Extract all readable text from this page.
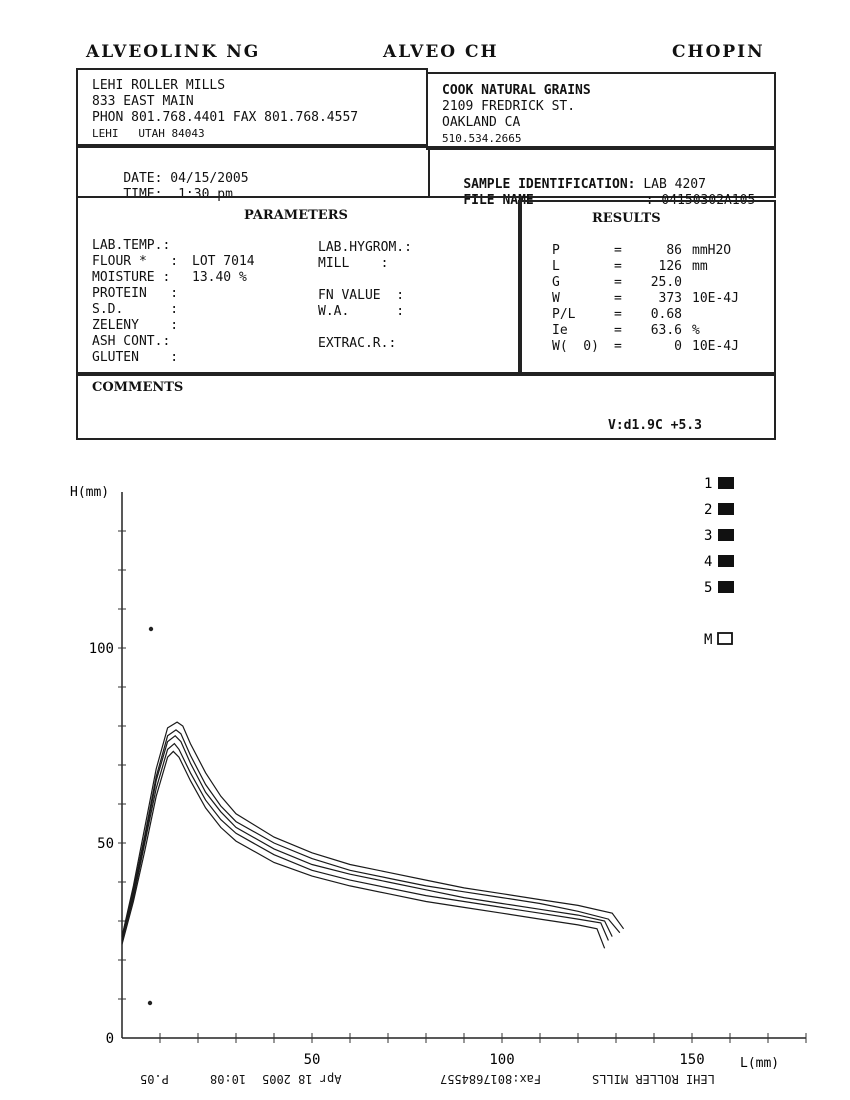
ALVEOLINK NG	ALVEO CH	CHOPIN
LEHI ROLLER MILLS
833 EAST MAIN
PHON 801.768.4401 FAX 801.768.4557
LEHI   UTAH 84043
COOK NATURAL GRAINS
2109 FREDRICK ST.
OAKLAND CA
510.534.2665

DATE: 04/15/2005

TIME: 1:30 pm

SAMPLE IDENTIFICATION: LAB 4207

FILE NAME	: 04150302A105

PARAMETERS
LAB.TEMP.:
FLOUR *   :	LOT 7014
MOISTURE :	13.40 %
PROTEIN   :
S.D.      :
ZELENY    :
ASH CONT.:
GLUTEN    :
LAB.HYGROM.:
MILL    :
FN VALUE  :
W.A.      :
EXTRAC.R.:
RESULTS
P	=	86 mmH2O
L	=	126 mm
G	=	25.0
W	=	373 10E-4J
P/L	=	0.68
Ie	=	63.6 %
W(  0)	=	0 10E-4J
COMMENTS
V:d1.9C +5.3
0
50
100
50	100	150
1
2
3
4
5
M
H(mm)
L(mm)
P.05	10:08 Apr 18 2005	Fax:8017684557	LEHI ROLLER MILLS
